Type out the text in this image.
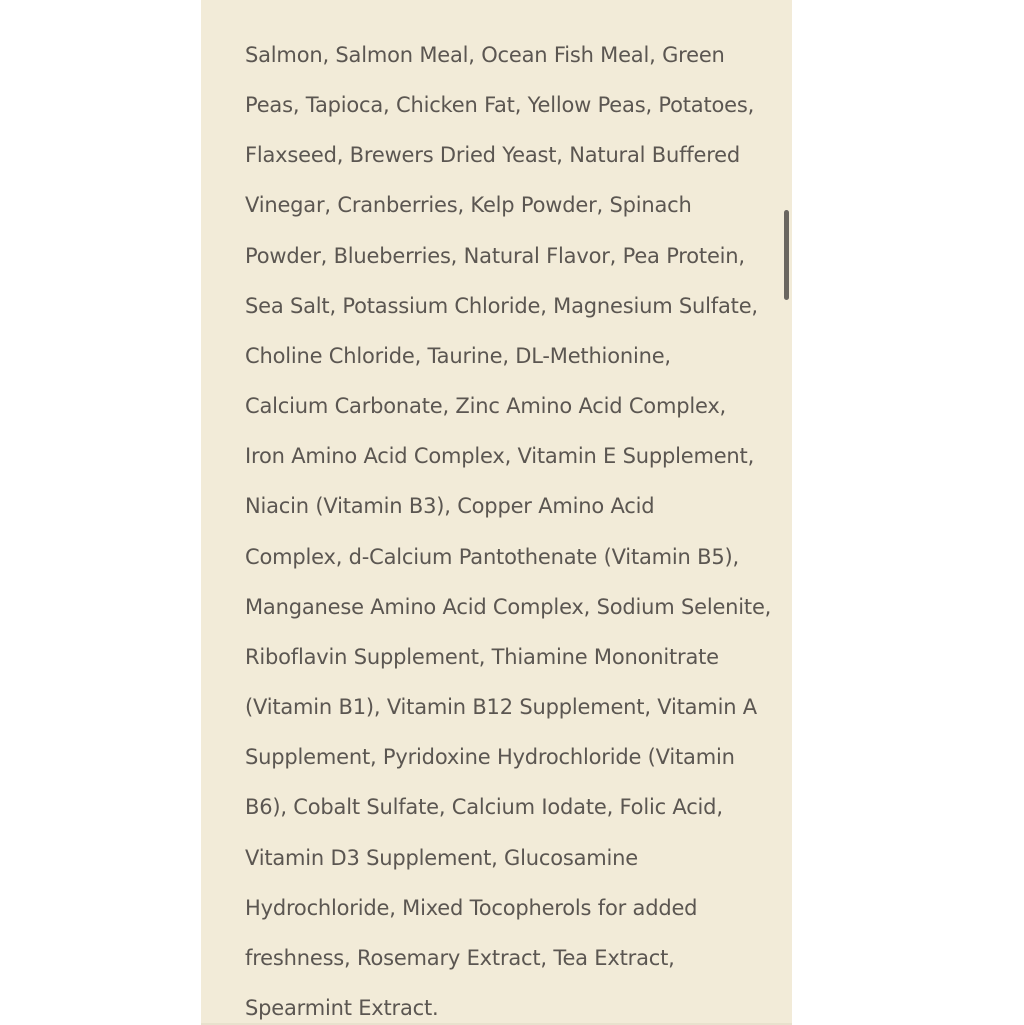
Salmon, Salmon Meal, Ocean Fish Meal, Green
Peas, Tapioca, Chicken Fat, Yellow Peas, Potatoes,
Flaxseed, Brewers Dried Yeast, Natural Buffered
Vinegar, Cranberries, Kelp Powder, Spinach
Powder, Blueberries, Natural Flavor, Pea Protein,
Sea Salt, Potassium Chloride, Magnesium Sulfate,
Choline Chloride, Taurine, DL-Methionine,
Calcium Carbonate, Zinc Amino Acid Complex,
Iron Amino Acid Complex, Vitamin E Supplement,
Niacin (Vitamin B3), Copper Amino Acid
Complex, d-Calcium Pantothenate (Vitamin B5),
Manganese Amino Acid Complex, Sodium Selenite,
Riboflavin Supplement, Thiamine Mononitrate
(Vitamin B1), Vitamin B12 Supplement, Vitamin A
Supplement, Pyridoxine Hydrochloride (Vitamin
B6), Cobalt Sulfate, Calcium Iodate, Folic Acid,
Vitamin D3 Supplement, Glucosamine
Hydrochloride, Mixed Tocopherols for added
freshness, Rosemary Extract, Tea Extract,
Spearmint Extract.
